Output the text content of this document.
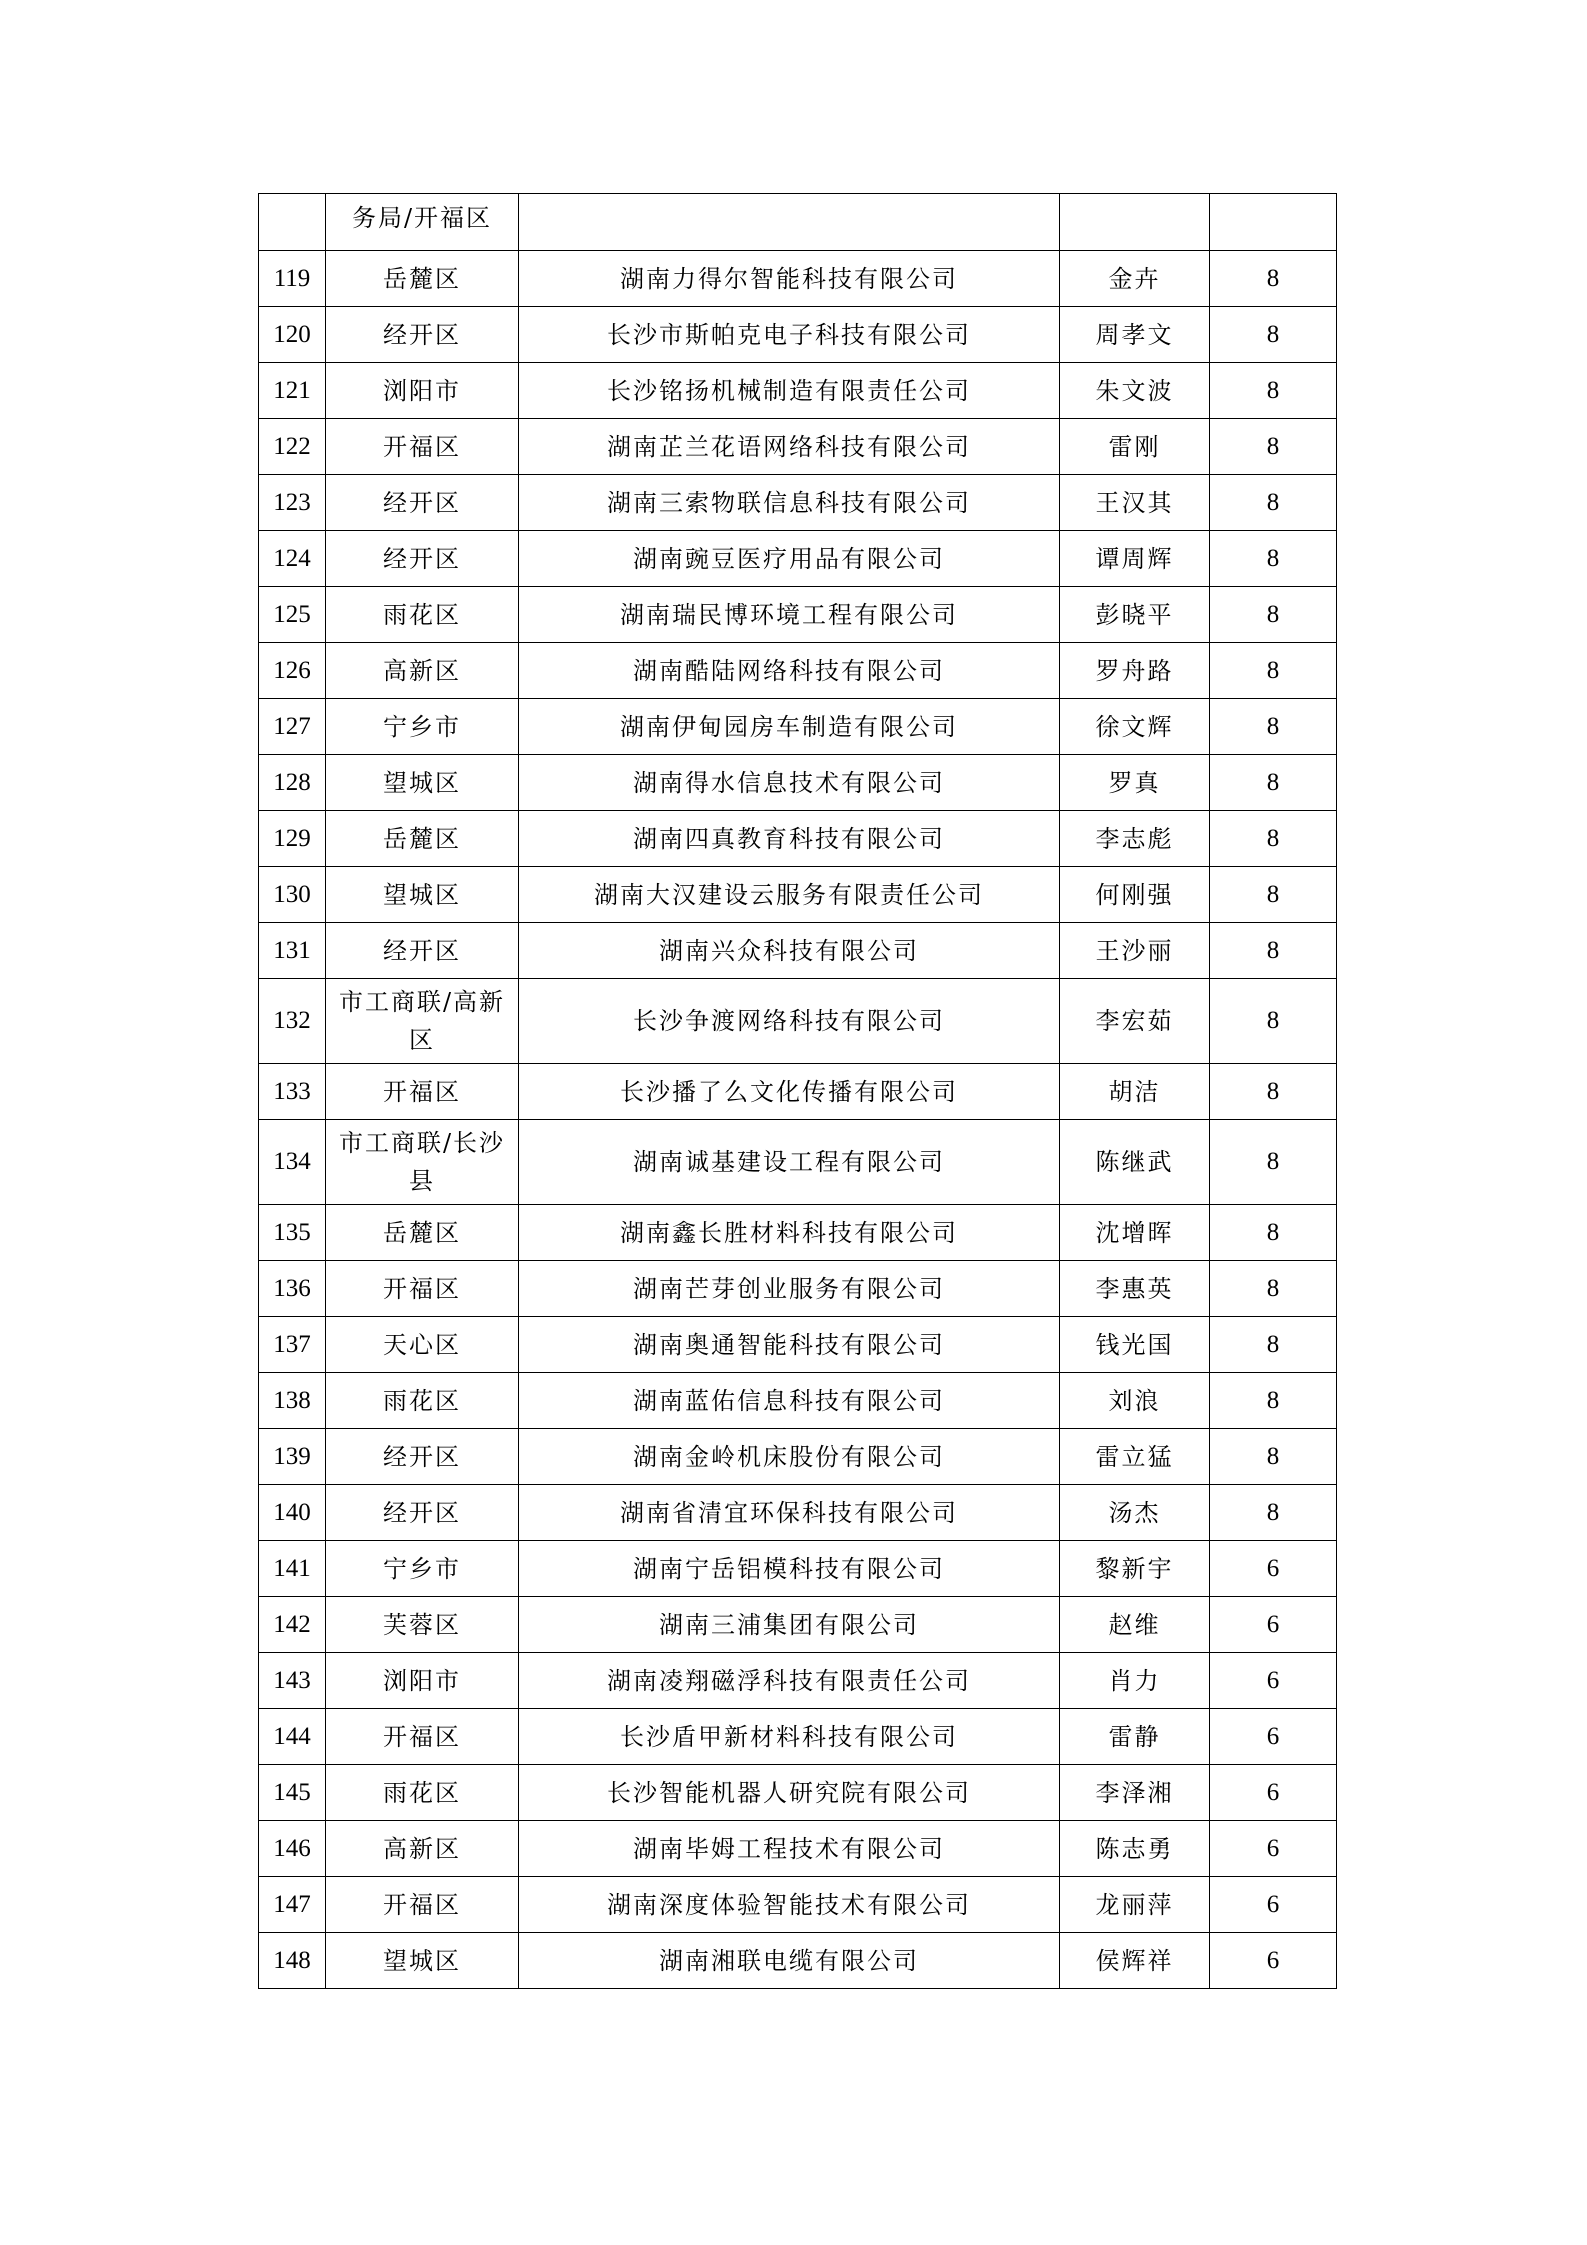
	务局/开福区			
119	岳麓区	湖南力得尔智能科技有限公司	金卉	8
120	经开区	长沙市斯帕克电子科技有限公司	周孝文	8
121	浏阳市	长沙铭扬机械制造有限责任公司	朱文波	8
122	开福区	湖南芷兰花语网络科技有限公司	雷刚	8
123	经开区	湖南三索物联信息科技有限公司	王汉其	8
124	经开区	湖南豌豆医疗用品有限公司	谭周辉	8
125	雨花区	湖南瑞民博环境工程有限公司	彭晓平	8
126	高新区	湖南酷陆网络科技有限公司	罗舟路	8
127	宁乡市	湖南伊甸园房车制造有限公司	徐文辉	8
128	望城区	湖南得水信息技术有限公司	罗真	8
129	岳麓区	湖南四真教育科技有限公司	李志彪	8
130	望城区	湖南大汉建设云服务有限责任公司	何刚强	8
131	经开区	湖南兴众科技有限公司	王沙丽	8
132	市工商联/高新区	长沙争渡网络科技有限公司	李宏茹	8
133	开福区	长沙播了么文化传播有限公司	胡洁	8
134	市工商联/长沙县	湖南诚基建设工程有限公司	陈继武	8
135	岳麓区	湖南鑫长胜材料科技有限公司	沈增晖	8
136	开福区	湖南芒芽创业服务有限公司	李惠英	8
137	天心区	湖南奥通智能科技有限公司	钱光国	8
138	雨花区	湖南蓝佑信息科技有限公司	刘浪	8
139	经开区	湖南金岭机床股份有限公司	雷立猛	8
140	经开区	湖南省清宜环保科技有限公司	汤杰	8
141	宁乡市	湖南宁岳铝模科技有限公司	黎新宇	6
142	芙蓉区	湖南三浦集团有限公司	赵维	6
143	浏阳市	湖南凌翔磁浮科技有限责任公司	肖力	6
144	开福区	长沙盾甲新材料科技有限公司	雷静	6
145	雨花区	长沙智能机器人研究院有限公司	李泽湘	6
146	高新区	湖南毕姆工程技术有限公司	陈志勇	6
147	开福区	湖南深度体验智能技术有限公司	龙丽萍	6
148	望城区	湖南湘联电缆有限公司	侯辉祥	6
